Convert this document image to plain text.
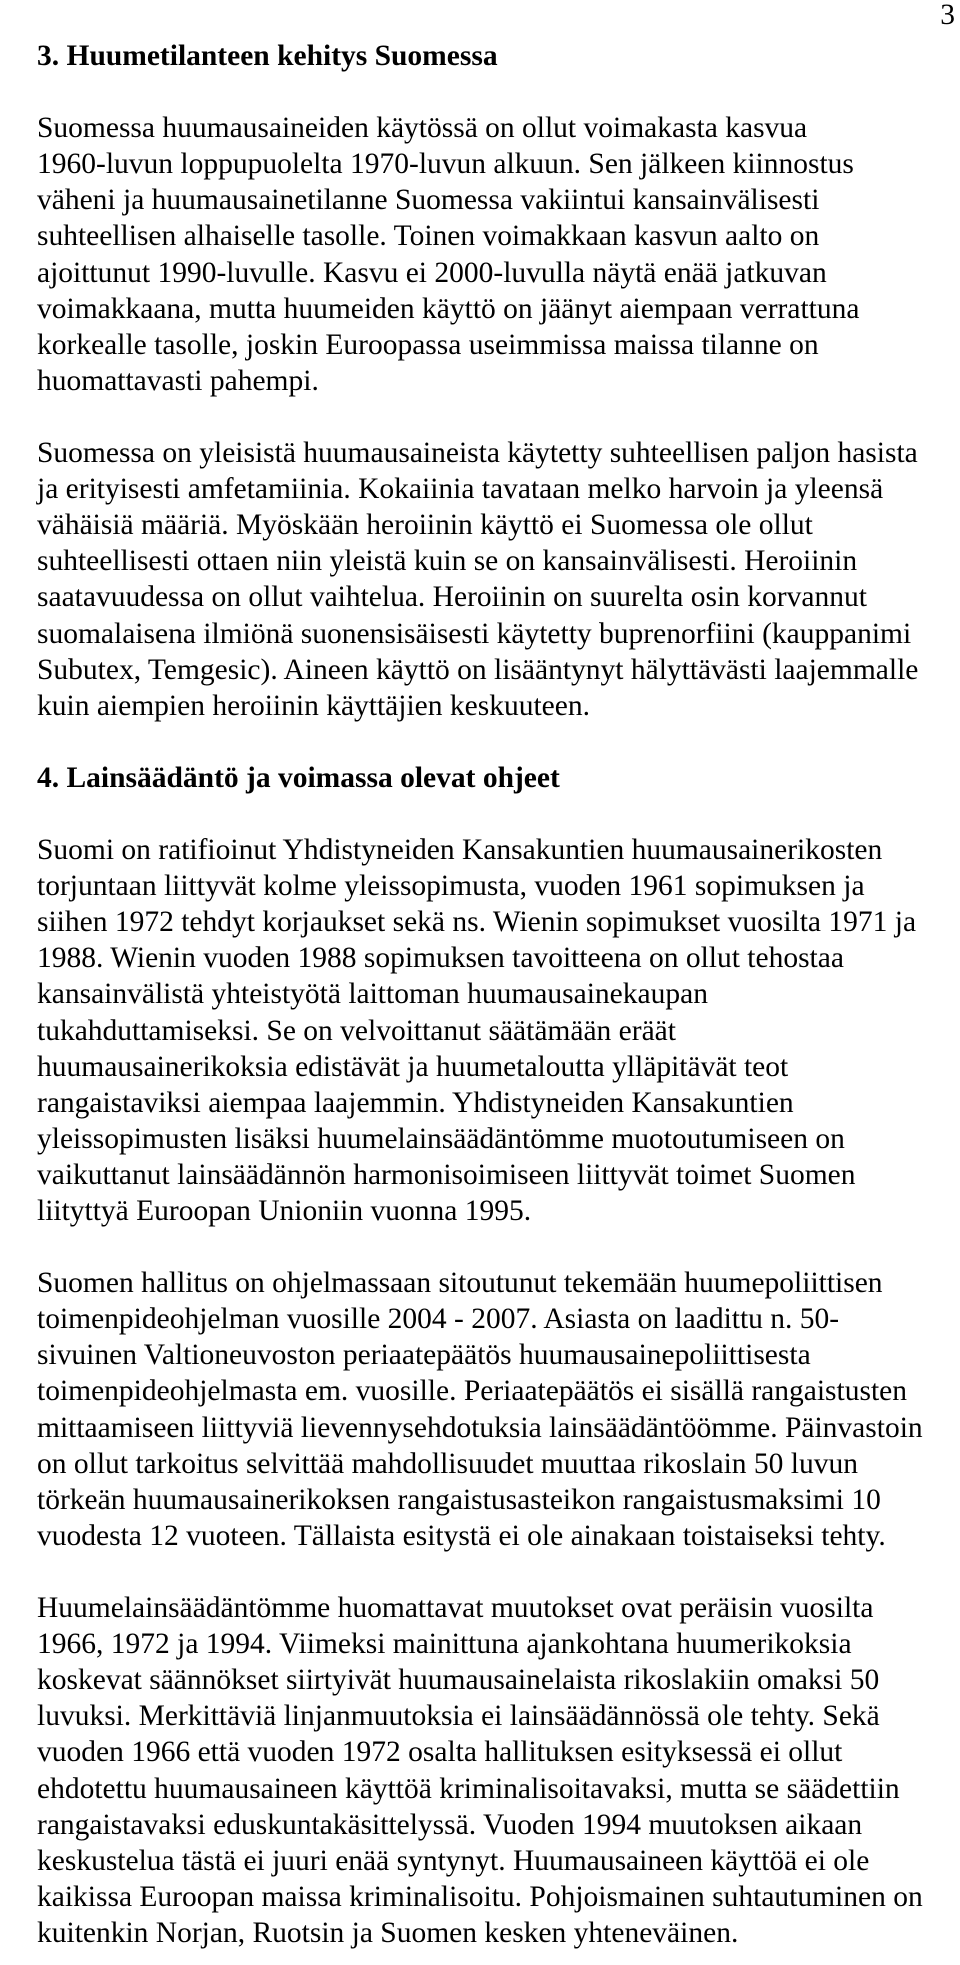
3
3. Huumetilanteen kehitys Suomessa
Suomessa huumausaineiden käytössä on ollut voimakasta kasvua
1960-luvun loppupuolelta 1970-luvun alkuun. Sen jälkeen kiinnostus
väheni ja huumausainetilanne Suomessa vakiintui kansainvälisesti
suhteellisen alhaiselle tasolle. Toinen voimakkaan kasvun aalto on
ajoittunut 1990-luvulle. Kasvu ei 2000-luvulla näytä enää jatkuvan
voimakkaana, mutta huumeiden käyttö on jäänyt aiempaan verrattuna
korkealle tasolle, joskin Euroopassa useimmissa maissa tilanne on
huomattavasti pahempi.
Suomessa on yleisistä huumausaineista käytetty suhteellisen paljon hasista
ja erityisesti amfetamiinia. Kokaiinia tavataan melko harvoin ja yleensä
vähäisiä määriä. Myöskään heroiinin käyttö ei Suomessa ole ollut
suhteellisesti ottaen niin yleistä kuin se on kansainvälisesti. Heroiinin
saatavuudessa on ollut vaihtelua. Heroiinin on suurelta osin korvannut
suomalaisena ilmiönä suonensisäisesti käytetty buprenorfiini (kauppanimi
Subutex, Temgesic). Aineen käyttö on lisääntynyt hälyttävästi laajemmalle
kuin aiempien heroiinin käyttäjien keskuuteen.
4. Lainsäädäntö ja voimassa olevat ohjeet
Suomi on ratifioinut Yhdistyneiden Kansakuntien huumausainerikosten
torjuntaan liittyvät kolme yleissopimusta, vuoden 1961 sopimuksen ja
siihen 1972 tehdyt korjaukset sekä ns. Wienin sopimukset vuosilta 1971 ja
1988. Wienin vuoden 1988 sopimuksen tavoitteena on ollut tehostaa
kansainvälistä yhteistyötä laittoman huumausainekaupan
tukahduttamiseksi. Se on velvoittanut säätämään eräät
huumausainerikoksia edistävät ja huumetaloutta ylläpitävät teot
rangaistaviksi aiempaa laajemmin. Yhdistyneiden Kansakuntien
yleissopimusten lisäksi huumelainsäädäntömme muotoutumiseen on
vaikuttanut lainsäädännön harmonisoimiseen liittyvät toimet Suomen
liityttyä Euroopan Unioniin vuonna 1995.
Suomen hallitus on ohjelmassaan sitoutunut tekemään huumepoliittisen
toimenpideohjelman vuosille 2004 - 2007. Asiasta on laadittu n. 50-
sivuinen Valtioneuvoston periaatepäätös huumausainepoliittisesta
toimenpideohjelmasta em. vuosille. Periaatepäätös ei sisällä rangaistusten
mittaamiseen liittyviä lievennysehdotuksia lainsäädäntöömme. Päinvastoin
on ollut tarkoitus selvittää mahdollisuudet muuttaa rikoslain 50 luvun
törkeän huumausainerikoksen rangaistusasteikon rangaistusmaksimi 10
vuodesta 12 vuoteen. Tällaista esitystä ei ole ainakaan toistaiseksi tehty.
Huumelainsäädäntömme huomattavat muutokset ovat peräisin vuosilta
1966, 1972 ja 1994. Viimeksi mainittuna ajankohtana huumerikoksia
koskevat säännökset siirtyivät huumausainelaista rikoslakiin omaksi 50
luvuksi. Merkittäviä linjanmuutoksia ei lainsäädännössä ole tehty. Sekä
vuoden 1966 että vuoden 1972 osalta hallituksen esityksessä ei ollut
ehdotettu huumausaineen käyttöä kriminalisoitavaksi, mutta se säädettiin
rangaistavaksi eduskuntakäsittelyssä. Vuoden 1994 muutoksen aikaan
keskustelua tästä ei juuri enää syntynyt. Huumausaineen käyttöä ei ole
kaikissa Euroopan maissa kriminalisoitu. Pohjoismainen suhtautuminen on
kuitenkin Norjan, Ruotsin ja Suomen kesken yhteneväinen.
